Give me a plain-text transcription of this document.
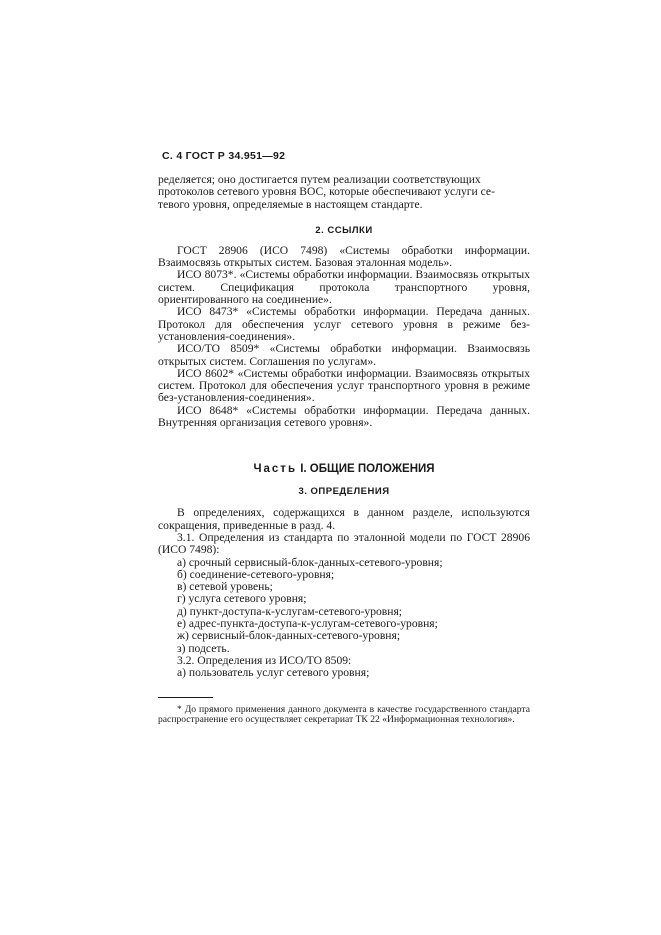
С. 4 ГОСТ Р 34.951—92

ределяется; оно достигается путем реализации соответствующих

протоколов сетевого уровня ВОС, которые обеспечивают услуги се-

тевого уровня, определяемые в настоящем стандарте.

2. ССЫЛКИ

ГОСТ 28906 (ИСО 7498) «Системы обработки информации. Взаимосвязь открытых систем. Базовая эталонная модель».

ИСО 8073*. «Системы обработки информации. Взаимосвязь открытых систем. Спецификация протокола транспортного уровня, ориентированного на соединение».

ИСО 8473* «Системы обработки информации. Передача данных. Протокол для обеспечения услуг сетевого уровня в режиме без-установления-соединения».

ИСО/ТО 8509* «Системы обработки информации. Взаимосвязь открытых систем. Соглашения по услугам».

ИСО 8602* «Системы обработки информации. Взаимосвязь открытых систем. Протокол для обеспечения услуг транспортного уровня в режиме без-установления-соединения».

ИСО 8648* «Системы обработки информации. Передача данных. Внутренняя организация сетевого уровня».

Часть I. ОБЩИЕ ПОЛОЖЕНИЯ
3. ОПРЕДЕЛЕНИЯ

В определениях, содержащихся в данном разделе, используются сокращения, приведенные в разд. 4.

3.1. Определения из стандарта по эталонной модели по ГОСТ 28906 (ИСО 7498):

а) срочный сервисный-блок-данных-сетевого-уровня;

б) соединение-сетевого-уровня;

в) сетевой уровень;

г) услуга сетевого уровня;

д) пункт-доступа-к-услугам-сетевого-уровня;

е) адрес-пункта-доступа-к-услугам-сетевого-уровня;

ж) сервисный-блок-данных-сетевого-уровня;

з) подсеть.

3.2. Определения из ИСО/ТО 8509:

а) пользователь услуг сетевого уровня;

* До прямого применения данного документа в качестве государственного стандарта распространение его осуществляет секретариат ТК 22 «Информационная технология».
